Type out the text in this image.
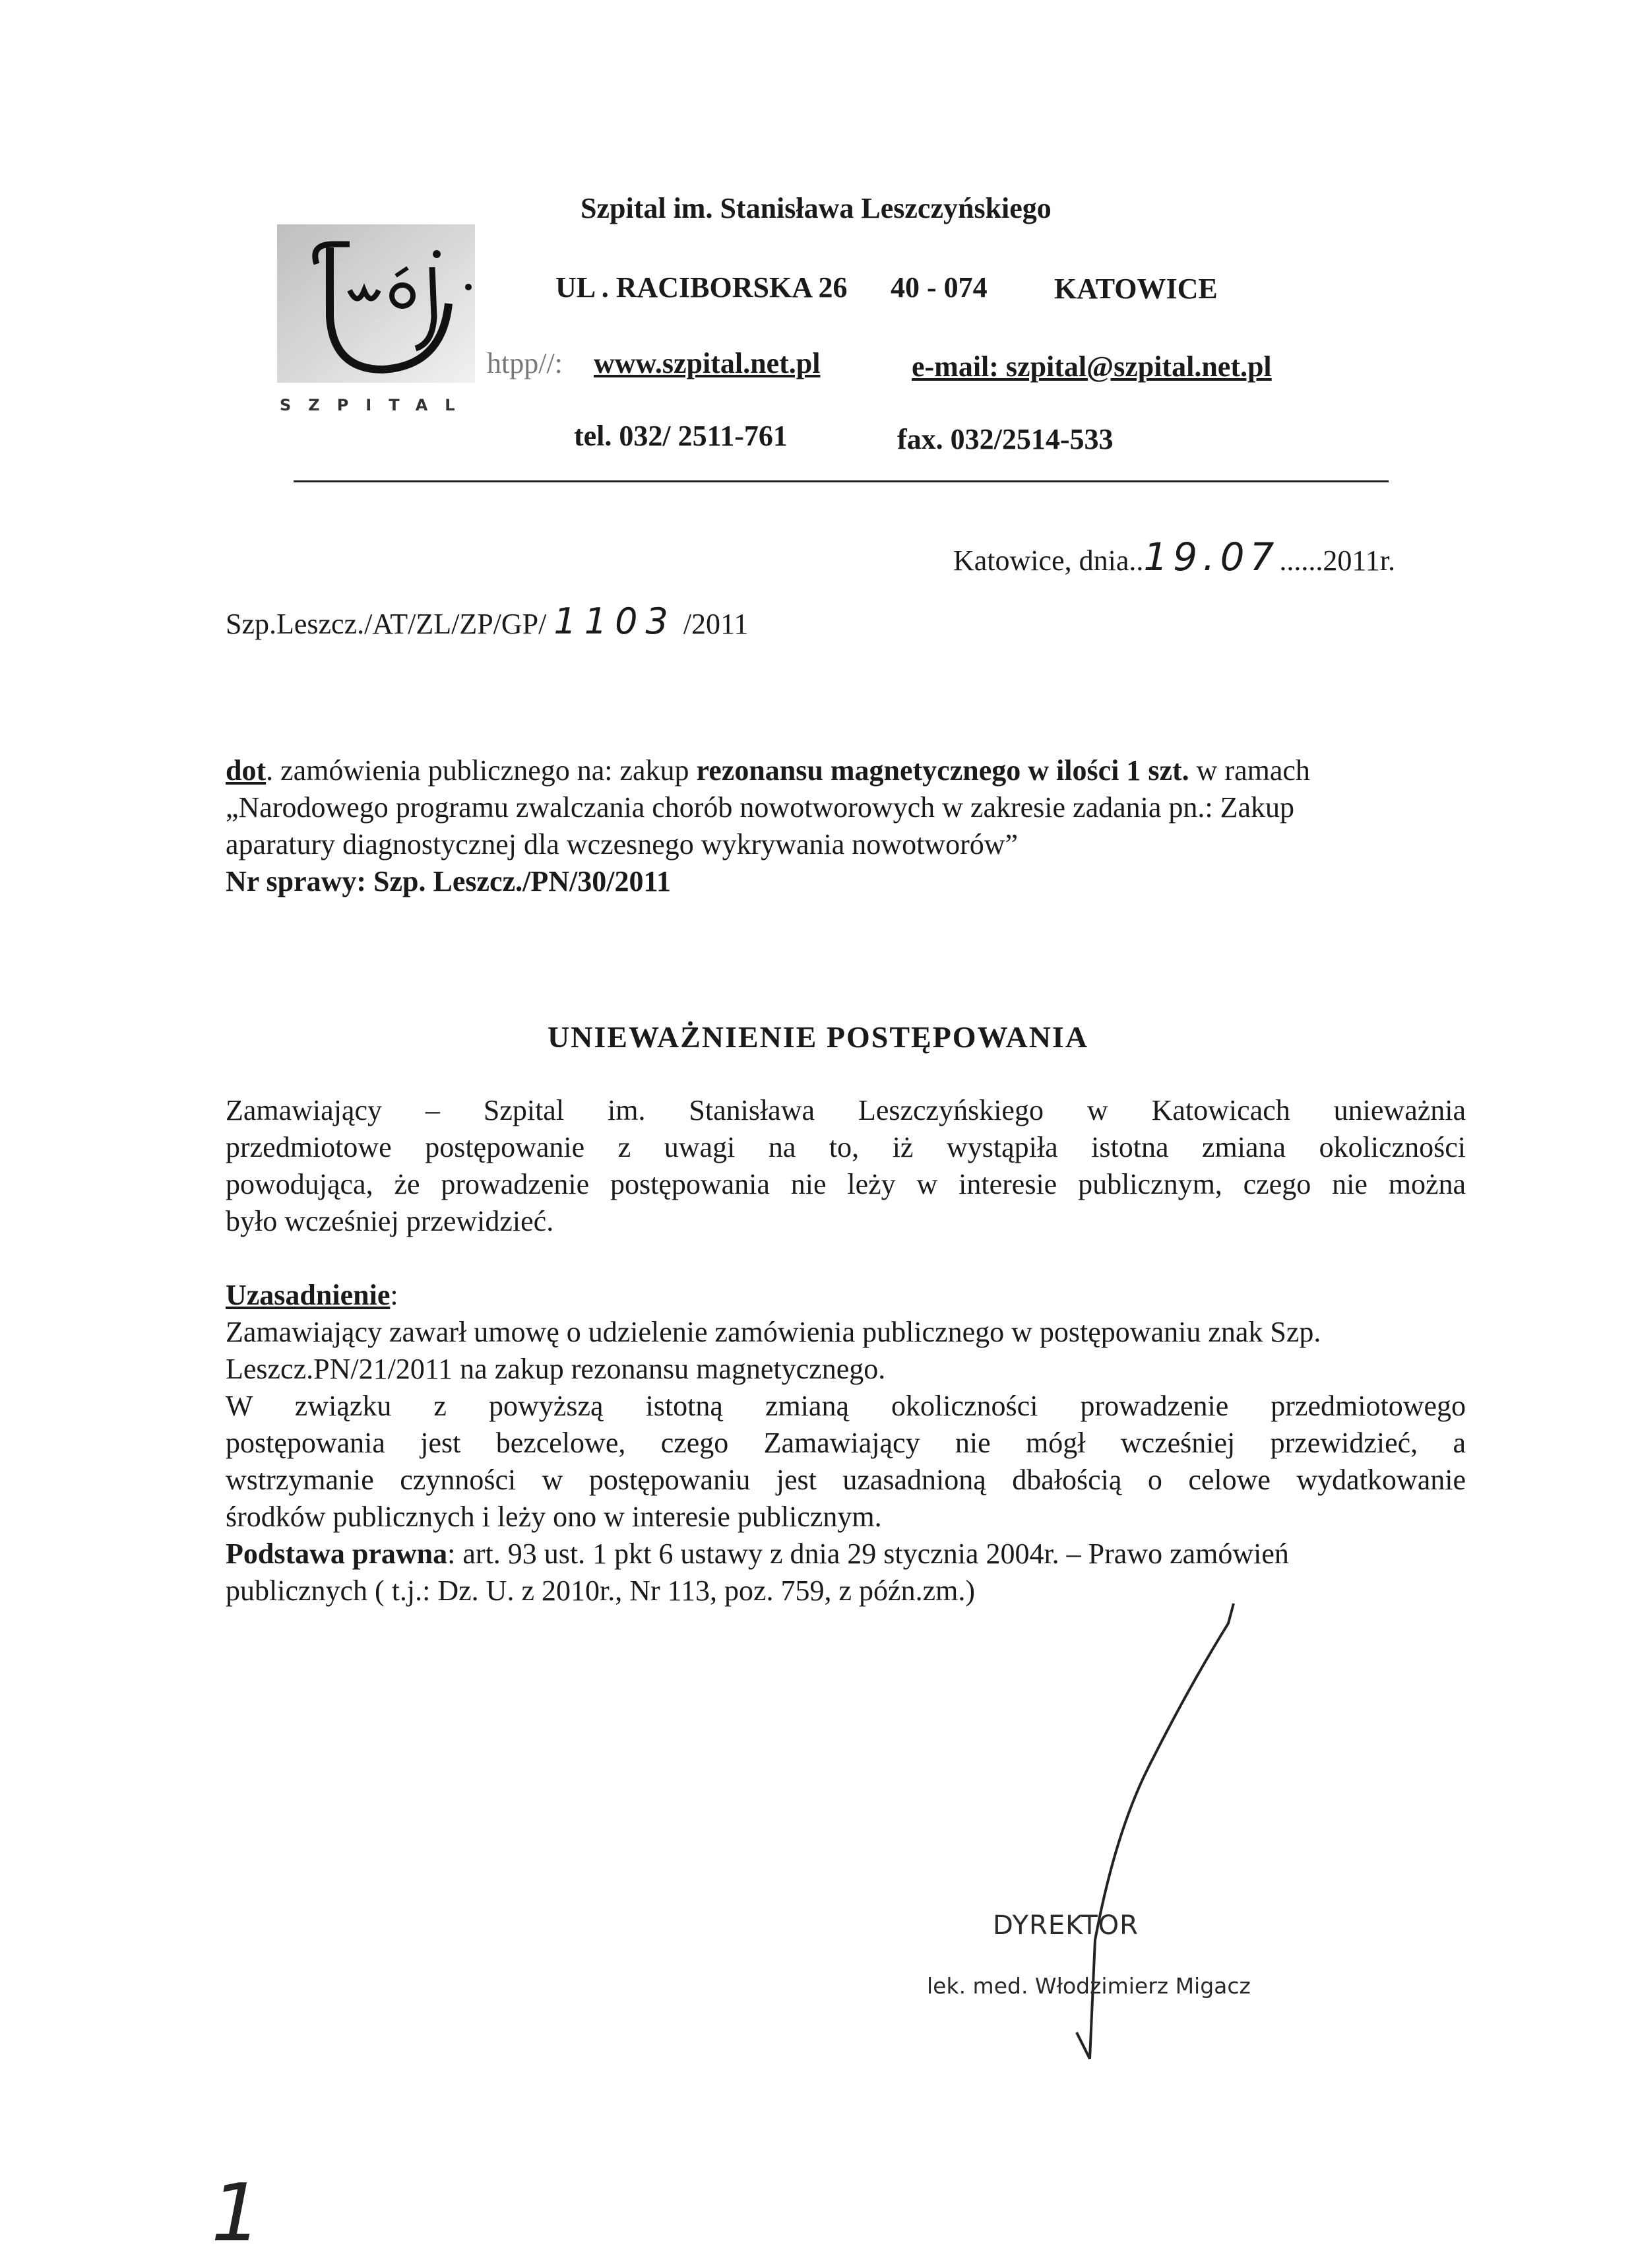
SZPITAL
Szpital im. Stanisława Leszczyńskiego
UL . RACIBORSKA 26 40 - 074 KATOWICE
htpp//: www.szpital.net.pl	e-mail: szpital@szpital.net.pl
tel. 032/ 2511-761	fax. 032/2514-533
Katowice, dnia..19.07......2011r.
Szp.Leszcz./AT/ZL/ZP/GP/ 1103 /2011
dot. zamówienia publicznego na: zakup rezonansu magnetycznego w ilości 1 szt. w ramach
„Narodowego programu zwalczania chorób nowotworowych w zakresie zadania pn.: Zakup
aparatury diagnostycznej dla wczesnego wykrywania nowotworów”
Nr sprawy: Szp. Leszcz./PN/30/2011
UNIEWAŻNIENIE POSTĘPOWANIA
Zamawiający – Szpital im. Stanisława Leszczyńskiego w Katowicach unieważnia
przedmiotowe postępowanie z uwagi na to, iż wystąpiła istotna zmiana okoliczności
powodująca, że prowadzenie postępowania nie leży w interesie publicznym, czego nie można
było wcześniej przewidzieć.
Uzasadnienie:
Zamawiający zawarł umowę o udzielenie zamówienia publicznego w postępowaniu znak Szp.
Leszcz.PN/21/2011 na zakup rezonansu magnetycznego.
W związku z powyższą istotną zmianą okoliczności prowadzenie przedmiotowego
postępowania jest bezcelowe, czego Zamawiający nie mógł wcześniej przewidzieć, a
wstrzymanie czynności w postępowaniu jest uzasadnioną dbałością o celowe wydatkowanie
środków publicznych i leży ono w interesie publicznym.
Podstawa prawna: art. 93 ust. 1 pkt 6 ustawy z dnia 29 stycznia 2004r. – Prawo zamówień
publicznych ( t.j.: Dz. U. z 2010r., Nr 113, poz. 759, z późn.zm.)
DYREKTOR
lek. med. Włodzimierz Migacz
1
